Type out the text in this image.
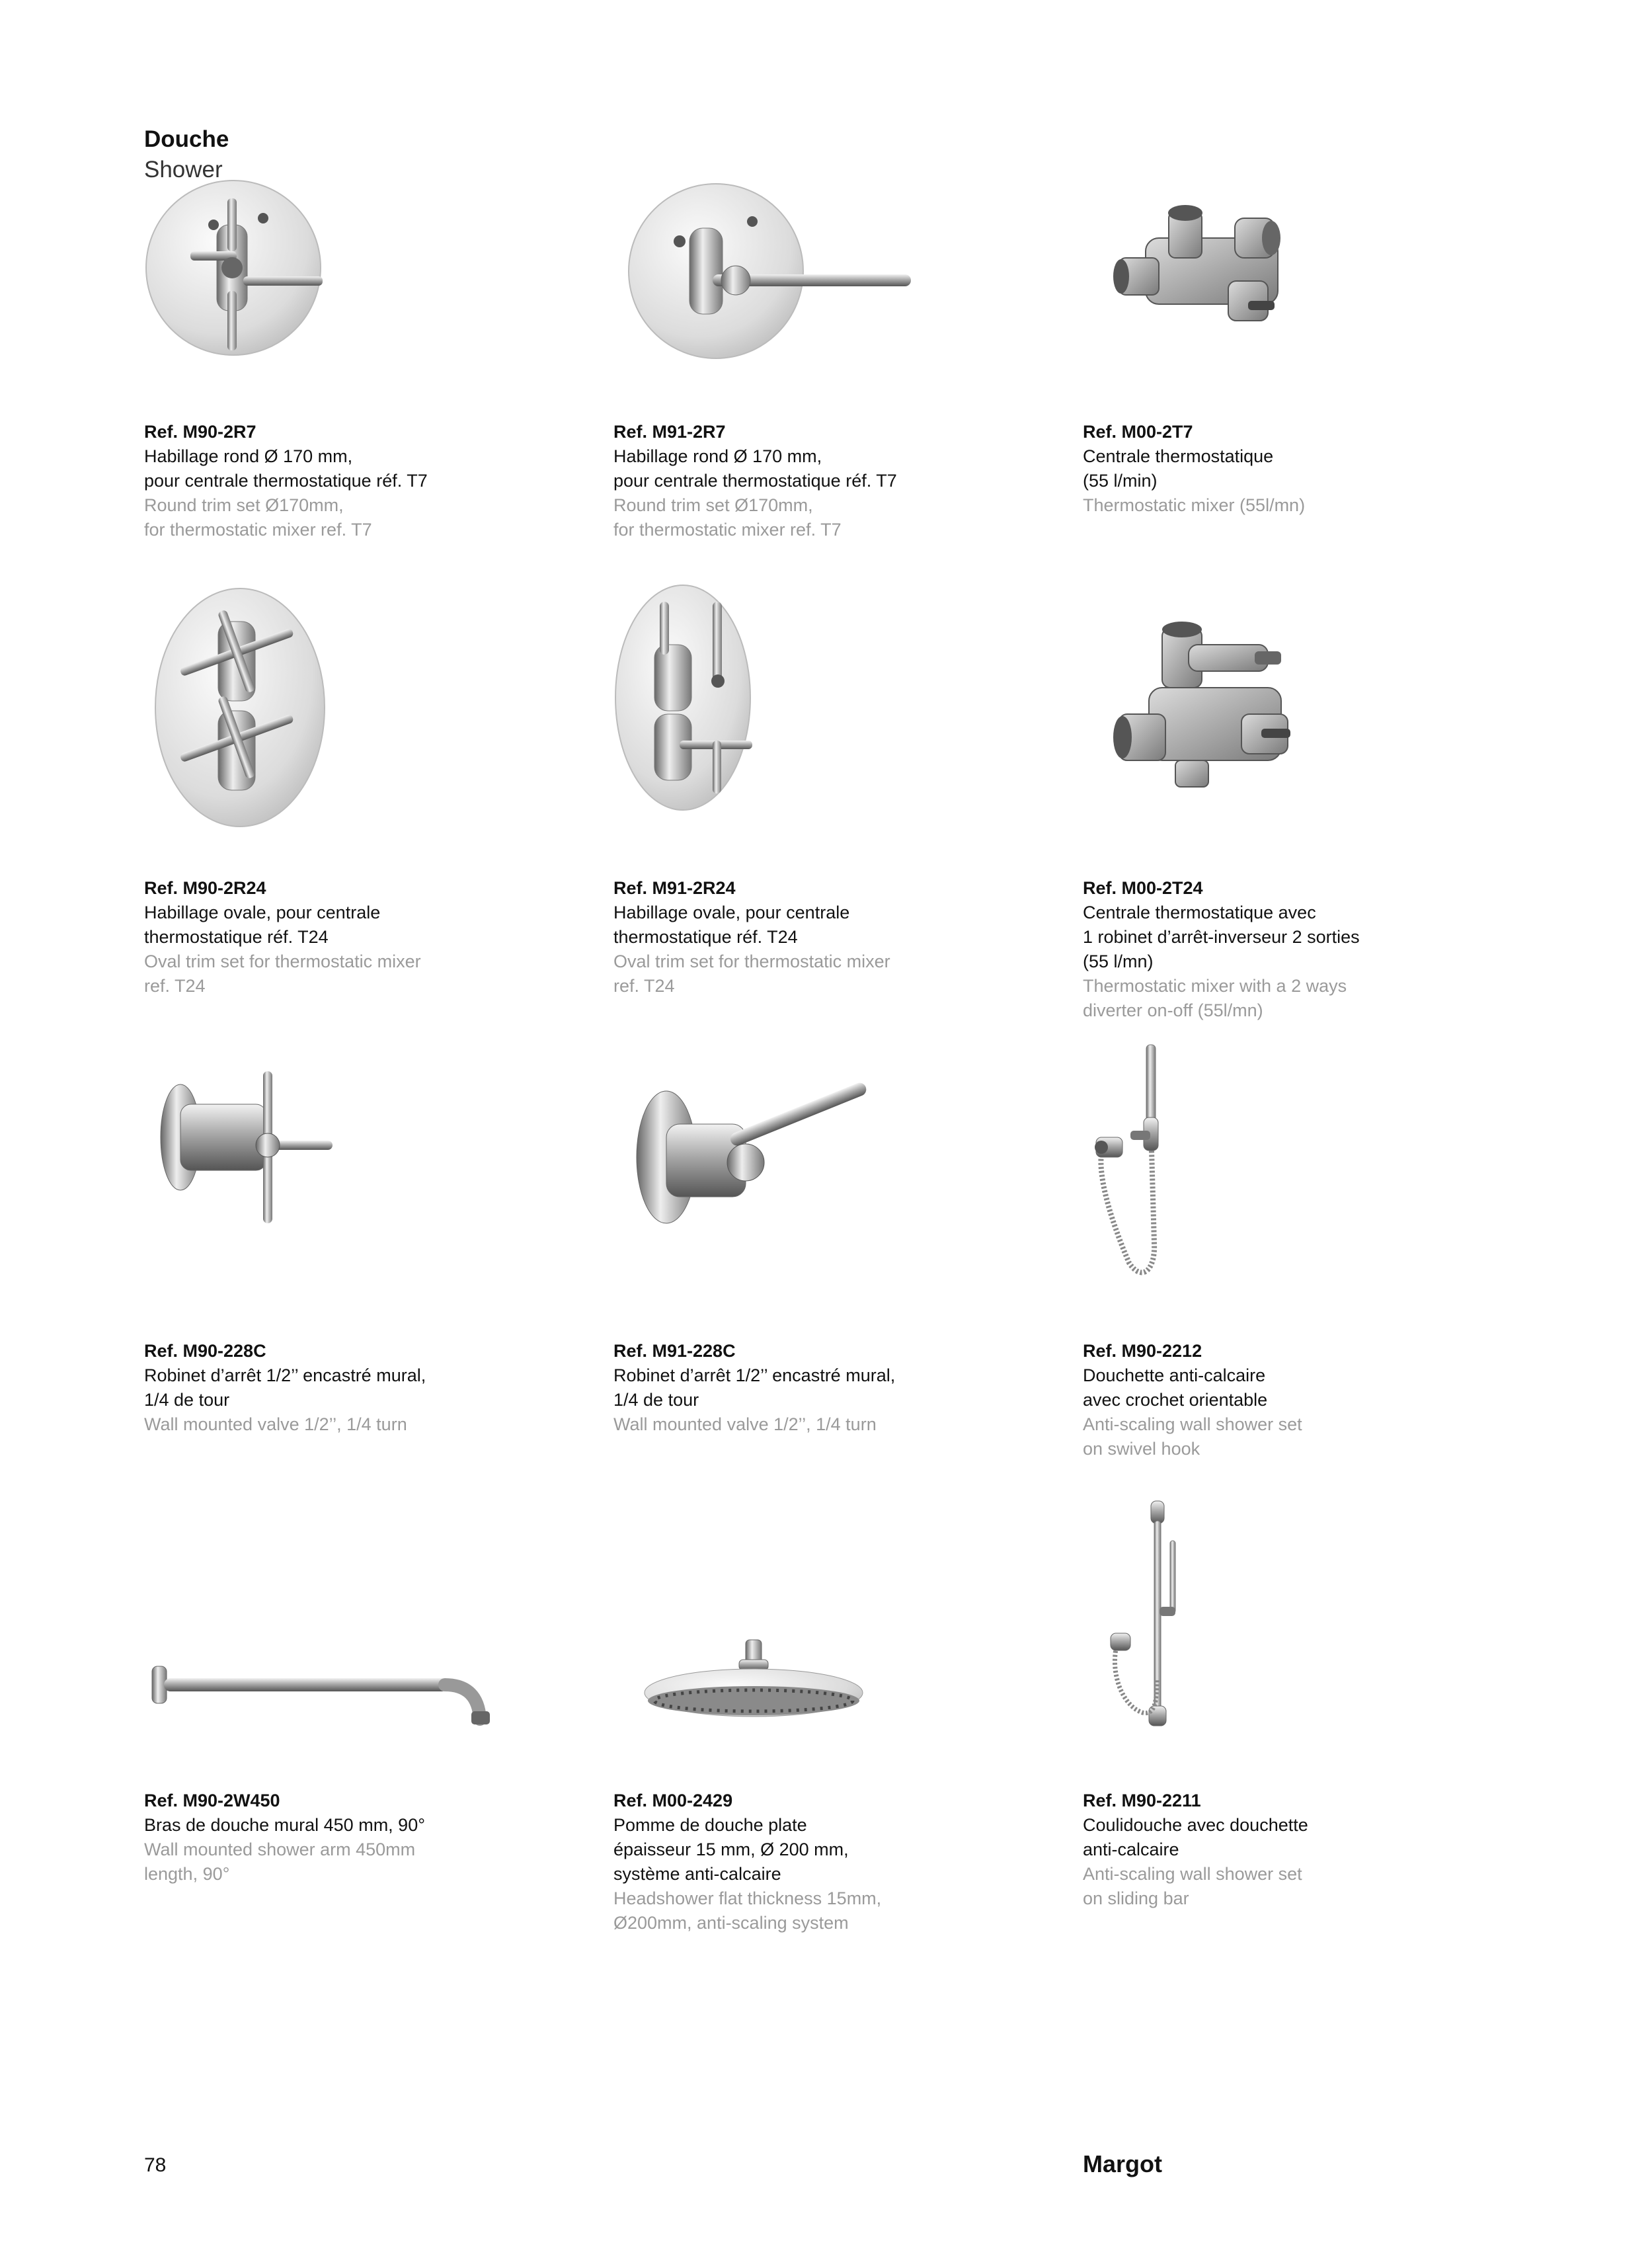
Douche
Shower
Ref. M90-2R7
Habillage rond Ø 170 mm,
pour centrale thermostatique réf. T7
Round trim set Ø170mm,
for thermostatic mixer ref. T7
Ref. M91-2R7
Habillage rond Ø 170 mm,
pour centrale thermostatique réf. T7
Round trim set Ø170mm,
for thermostatic mixer ref. T7
Ref. M00-2T7
Centrale thermostatique
(55 l/min)
Thermostatic mixer (55l/mn)
Ref. M90-2R24
Habillage ovale, pour centrale
thermostatique réf. T24
Oval trim set for thermostatic mixer
ref. T24
Ref. M91-2R24
Habillage ovale, pour centrale
thermostatique réf. T24
Oval trim set for thermostatic mixer
ref. T24
Ref. M00-2T24
Centrale thermostatique avec
1 robinet d’arrêt-inverseur 2 sorties
(55 l/mn)
Thermostatic mixer with a 2 ways
diverter on-off (55l/mn)
Ref. M90-228C
Robinet d’arrêt 1/2’’ encastré mural,
1/4 de tour
Wall mounted valve 1/2’’, 1/4 turn
Ref. M91-228C
Robinet d’arrêt 1/2’’ encastré mural,
1/4 de tour
Wall mounted valve 1/2’’, 1/4 turn
Ref. M90-2212
Douchette anti-calcaire
avec crochet orientable
Anti-scaling wall shower set
on swivel hook
Ref. M90-2W450
Bras de douche mural 450 mm, 90°
Wall mounted shower arm 450mm
length, 90°
Ref. M00-2429
Pomme de douche plate
épaisseur 15 mm, Ø 200 mm,
système anti-calcaire
Headshower flat thickness 15mm,
Ø200mm, anti-scaling system
Ref. M90-2211
Coulidouche avec douchette
anti-calcaire
Anti-scaling wall shower set
on sliding bar
78	Margot
